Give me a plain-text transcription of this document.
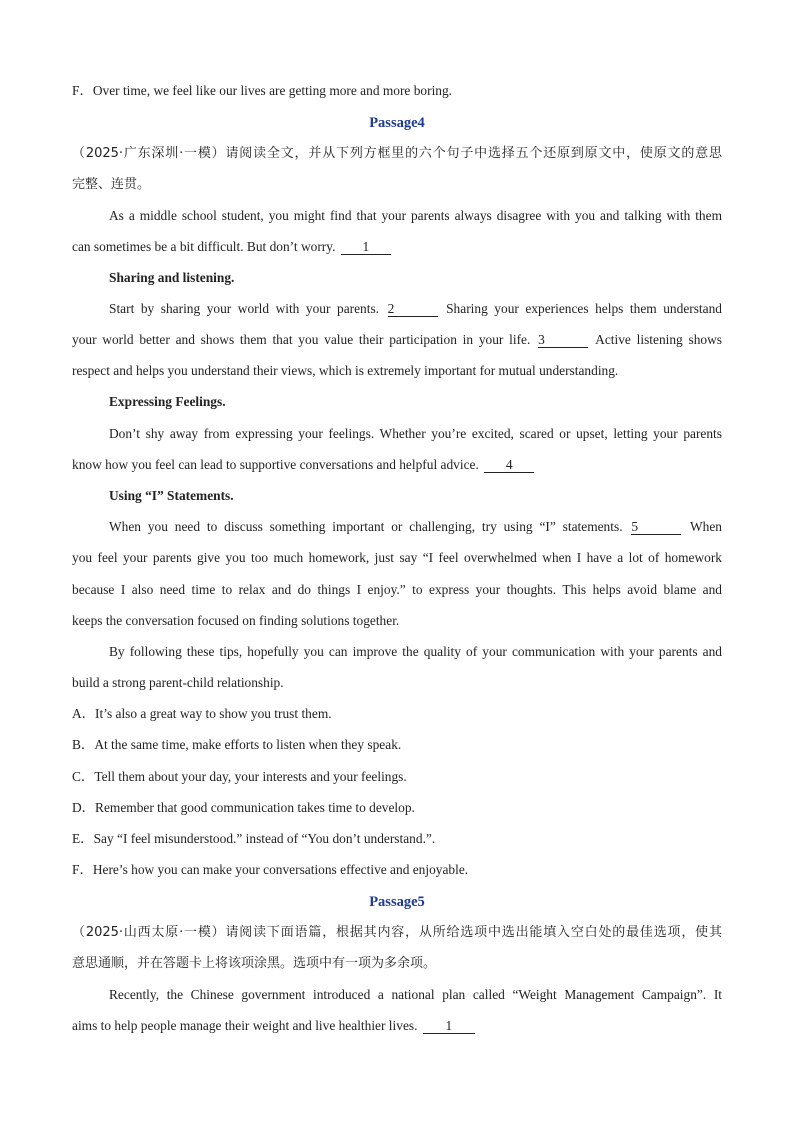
F．Over time, we feel like our lives are getting more and more boring.
Passage4
（2025·广东深圳·一模）请阅读全文，并从下列方框里的六个句子中选择五个还原到原文中，使原文的意思
完整、连贯。
As a middle school student, you might find that your parents always disagree with you and talking with them
can sometimes be a bit difficult. But don’t worry. 1
Sharing and listening.
Start by sharing your world with your parents. 2	Sharing your experiences helps them understand
your world better and shows them that you value their participation in your life. 3	Active listening shows
respect and helps you understand their views, which is extremely important for mutual understanding.
Expressing Feelings.
Don’t shy away from expressing your feelings. Whether you’re excited, scared or upset, letting your parents
know how you feel can lead to supportive conversations and helpful advice. 4
Using “I” Statements.
When you need to discuss something important or challenging, try using “I” statements. 5	When
you feel your parents give you too much homework, just say “I feel overwhelmed when I have a lot of homework
because I also need time to relax and do things I enjoy.” to express your thoughts. This helps avoid blame and
keeps the conversation focused on finding solutions together.
By following these tips, hopefully you can improve the quality of your communication with your parents and
build a strong parent-child relationship.
A．It’s also a great way to show you trust them.
B．At the same time, make efforts to listen when they speak.
C．Tell them about your day, your interests and your feelings.
D．Remember that good communication takes time to develop.
E．Say “I feel misunderstood.” instead of “You don’t understand.”.
F．Here’s how you can make your conversations effective and enjoyable.
Passage5
（2025·山西太原·一模）请阅读下面语篇，根据其内容，从所给选项中选出能填入空白处的最佳选项，使其
意思通顺，并在答题卡上将该项涂黑。选项中有一项为多余项。
Recently, the Chinese government introduced a national plan called “Weight Management Campaign”. It
aims to help people manage their weight and live healthier lives. 1
